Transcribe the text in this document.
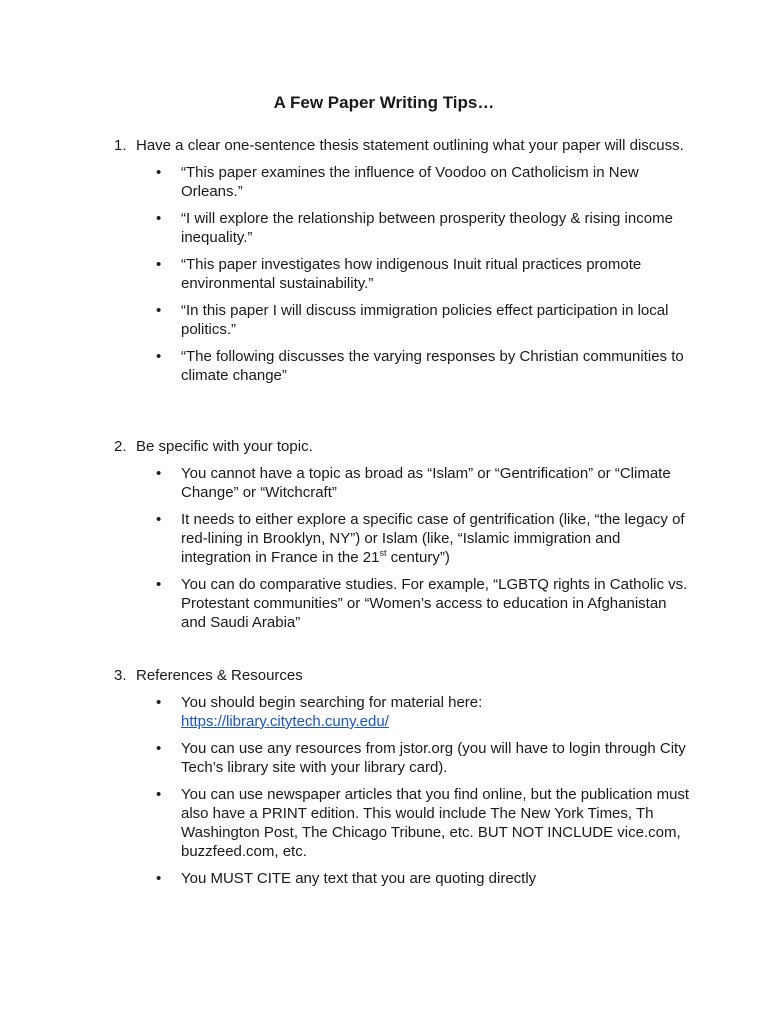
A Few Paper Writing Tips…
1. Have a clear one-sentence thesis statement outlining what your paper will discuss.
• “This paper examines the influence of Voodoo on Catholicism in New Orleans.”
• “I will explore the relationship between prosperity theology & rising income inequality.”
• “This paper investigates how indigenous Inuit ritual practices promote environmental sustainability.”
• “In this paper I will discuss immigration policies effect participation in local politics.”
• “The following discusses the varying responses by Christian communities to climate change”
2. Be specific with your topic.
• You cannot have a topic as broad as “Islam” or “Gentrification” or “Climate Change” or “Witchcraft”
• It needs to either explore a specific case of gentrification (like, “the legacy of red-lining in Brooklyn, NY”) or Islam (like, “Islamic immigration and integration in France in the 21st century”)
• You can do comparative studies. For example, “LGBTQ rights in Catholic vs. Protestant communities” or “Women’s access to education in Afghanistan and Saudi Arabia”
3. References & Resources
• You should begin searching for material here:
https://library.citytech.cuny.edu/
• You can use any resources from jstor.org (you will have to login through City Tech’s library site with your library card).
• You can use newspaper articles that you find online, but the publication must also have a PRINT edition. This would include The New York Times, Th Washington Post, The Chicago Tribune, etc. BUT NOT INCLUDE vice.com, buzzfeed.com, etc.
• You MUST CITE any text that you are quoting directly
